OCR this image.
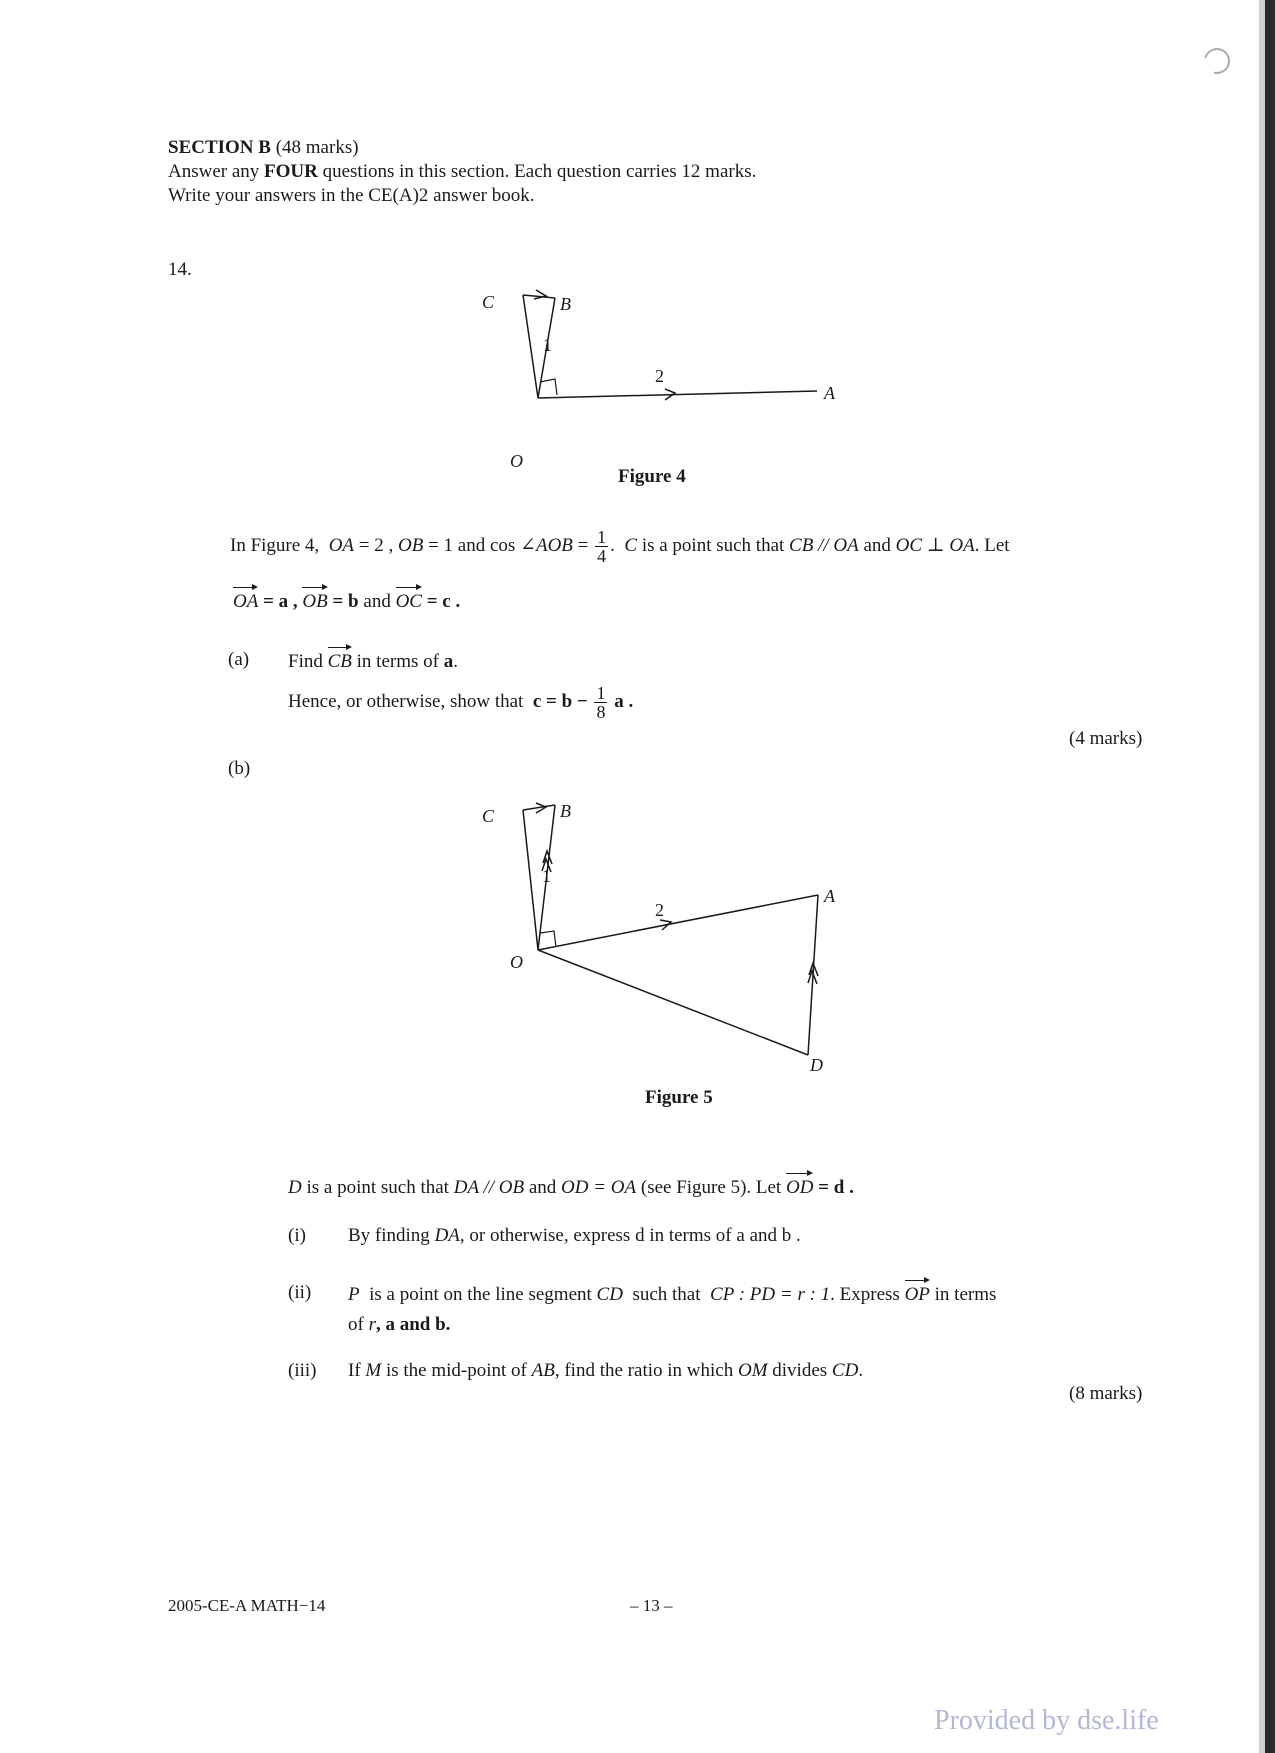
SECTION B (48 marks)
Answer any FOUR questions in this section. Each question carries 12 marks.
Write your answers in the CE(A)2 answer book.
14.
C	B
A
O
1
2
Figure 4
In Figure 4, OA = 2 , OB = 1 and cos ∠AOB = $\frac{1}{4}$ . C is a point such that CB // OA and OC ⊥ OA. Let
OA = a , OB = b and OC = c .
(a) Find CB in terms of a.
Hence, or otherwise, show that $c = b - \frac{1}{8}$ a .
(4 marks)
(b)
C	B
A
O
D
1
2
Figure 5
D is a point such that DA // OB and OD = OA (see Figure 5). Let OD = d .
(i) By finding DA, or otherwise, express d in terms of a and b .
(ii) P is a point on the line segment CD such that CP : PD = r : 1. Express OP in terms
of r, a and b.
(iii) If M is the mid-point of AB, find the ratio in which OM divides CD.
(8 marks)
2005-CE-A MATH−14	– 13 –
Provided by dse.life
